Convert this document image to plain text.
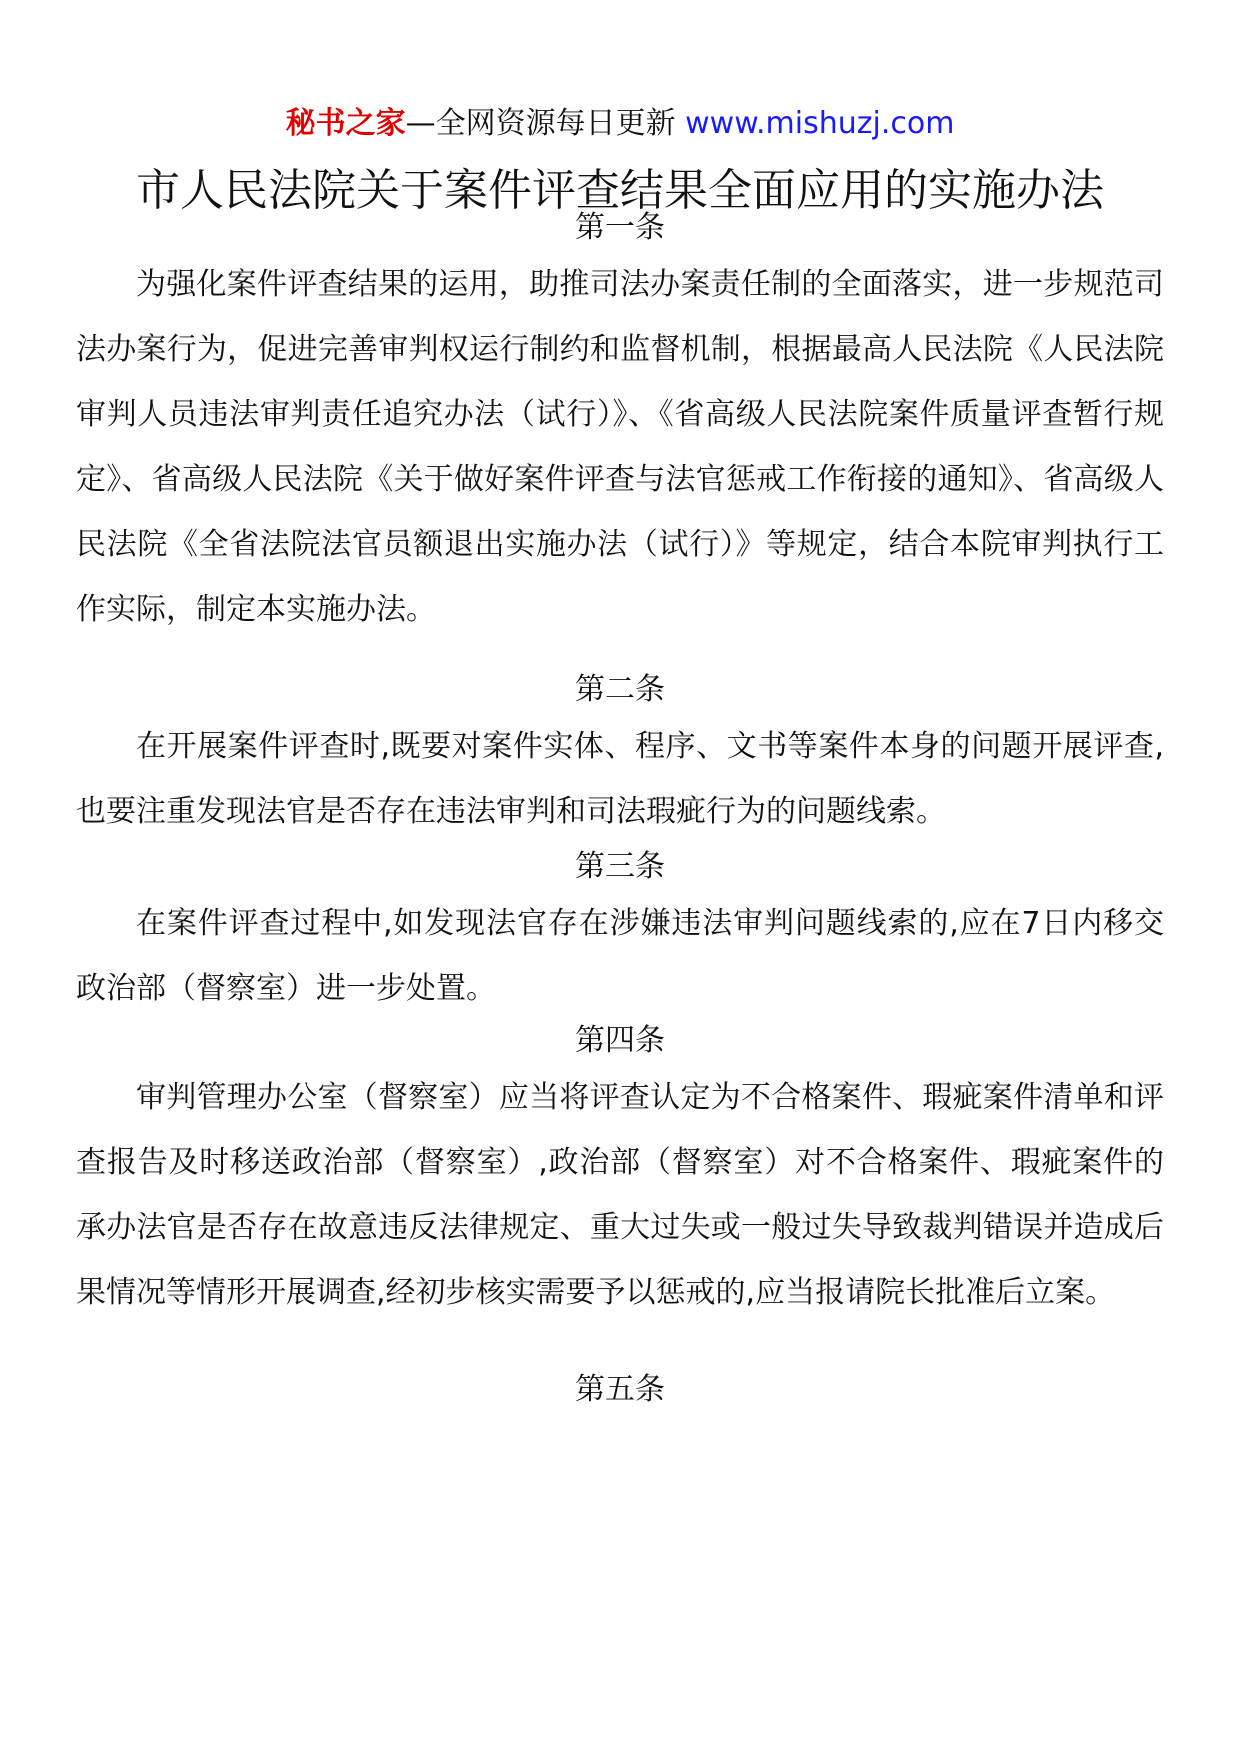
秘书之家—全网资源每日更新 www.mishuzj.com
市人民法院关于案件评查结果全面应用的实施办法
第一条
为强化案件评查结果的运用，助推司法办案责任制的全面落实，进一步规范司法办案行为，促进完善审判权运行制约和监督机制，根据最高人民法院《人民法院审判人员违法审判责任追究办法（试行）》、《省高级人民法院案件质量评查暂行规定》、省高级人民法院《关于做好案件评查与法官惩戒工作衔接的通知》、省高级人民法院《全省法院法官员额退出实施办法（试行）》等规定，结合本院审判执行工作实际，制定本实施办法。
第二条
在开展案件评查时,既要对案件实体、程序、文书等案件本身的问题开展评查,也要注重发现法官是否存在违法审判和司法瑕疵行为的问题线索。
第三条
在案件评查过程中,如发现法官存在涉嫌违法审判问题线索的,应在7日内移交政治部（督察室）进一步处置。
第四条
审判管理办公室（督察室）应当将评查认定为不合格案件、瑕疵案件清单和评查报告及时移送政治部（督察室）,政治部（督察室）对不合格案件、瑕疵案件的承办法官是否存在故意违反法律规定、重大过失或一般过失导致裁判错误并造成后果情况等情形开展调查,经初步核实需要予以惩戒的,应当报请院长批准后立案。
第五条
